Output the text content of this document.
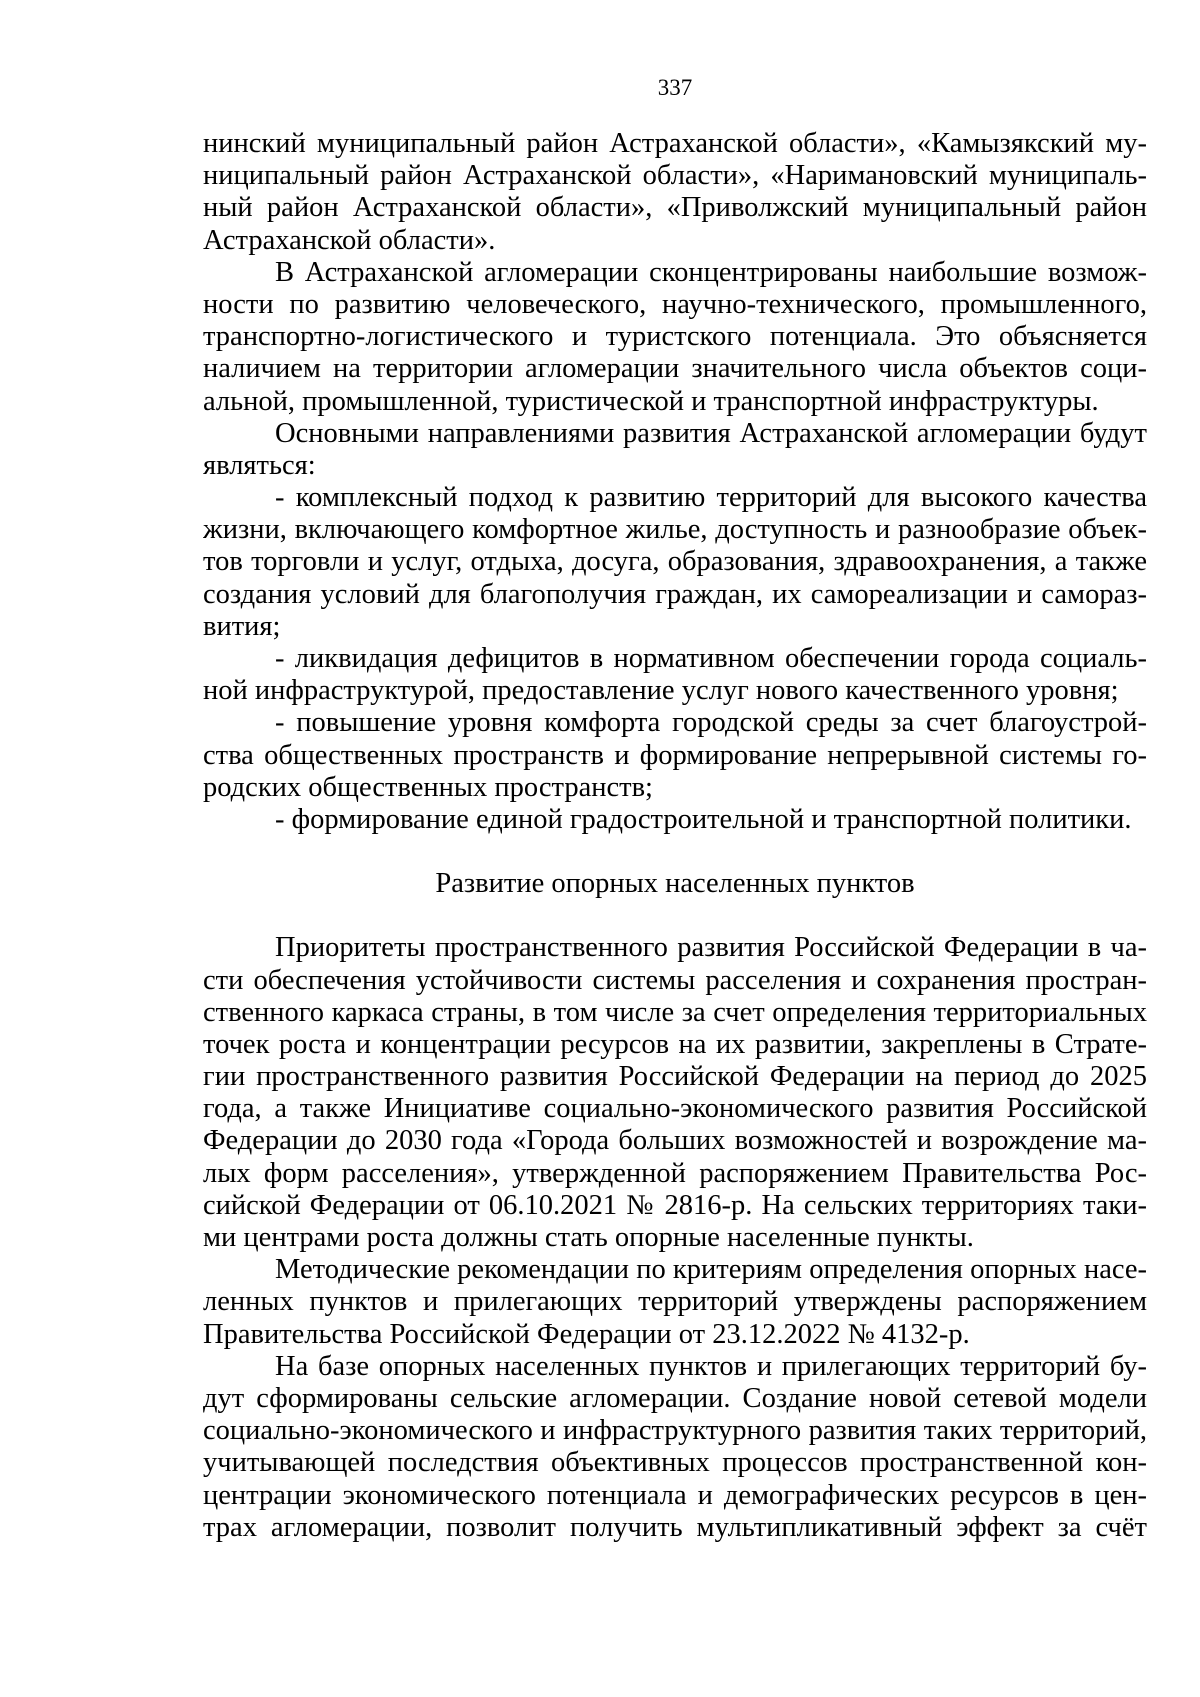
337
нинский муниципальный район Астраханской области», «Камызякский му-
ниципальный район Астраханской области», «Наримановский муниципаль-
ный район Астраханской области», «Приволжский муниципальный район
Астраханской области».
В Астраханской агломерации сконцентрированы наибольшие возмож-
ности по развитию человеческого, научно-технического, промышленного,
транспортно-логистического и туристского потенциала. Это объясняется
наличием на территории агломерации значительного числа объектов соци-
альной, промышленной, туристической и транспортной инфраструктуры.
Основными направлениями развития Астраханской агломерации будут
являться:
- комплексный подход к развитию территорий для высокого качества
жизни, включающего комфортное жилье, доступность и разнообразие объек-
тов торговли и услуг, отдыха, досуга, образования, здравоохранения, а также
создания условий для благополучия граждан, их самореализации и самораз-
вития;
- ликвидация дефицитов в нормативном обеспечении города социаль-
ной инфраструктурой, предоставление услуг нового качественного уровня;
- повышение уровня комфорта городской среды за счет благоустрой-
ства общественных пространств и формирование непрерывной системы го-
родских общественных пространств;
- формирование единой градостроительной и транспортной политики.
Развитие опорных населенных пунктов
Приоритеты пространственного развития Российской Федерации в ча-
сти обеспечения устойчивости системы расселения и сохранения простран-
ственного каркаса страны, в том числе за счет определения территориальных
точек роста и концентрации ресурсов на их развитии, закреплены в Страте-
гии пространственного развития Российской Федерации на период до 2025
года, а также Инициативе социально-экономического развития Российской
Федерации до 2030 года «Города больших возможностей и возрождение ма-
лых форм расселения», утвержденной распоряжением Правительства Рос-
сийской Федерации от 06.10.2021 № 2816-р. На сельских территориях таки-
ми центрами роста должны стать опорные населенные пункты.
Методические рекомендации по критериям определения опорных насе-
ленных пунктов и прилегающих территорий утверждены распоряжением
Правительства Российской Федерации от 23.12.2022 № 4132-р.
На базе опорных населенных пунктов и прилегающих территорий бу-
дут сформированы сельские агломерации. Создание новой сетевой модели
социально-экономического и инфраструктурного развития таких территорий,
учитывающей последствия объективных процессов пространственной кон-
центрации экономического потенциала и демографических ресурсов в цен-
трах агломерации, позволит получить мультипликативный эффект за счёт
